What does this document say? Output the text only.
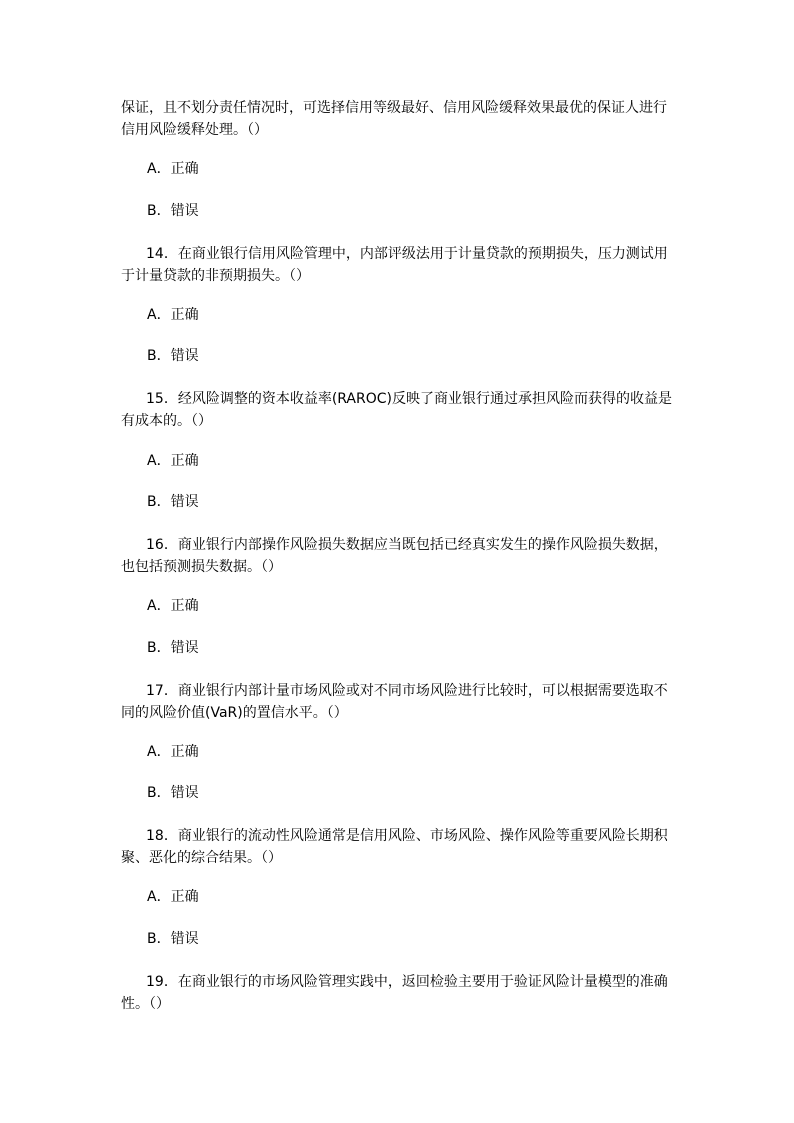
保证，且不划分责任情况时，可选择信用等级最好、信用风险缓释效果最优的保证人进行信用风险缓释处理。（）

A．正确

B．错误

14．在商业银行信用风险管理中，内部评级法用于计量贷款的预期损失，压力测试用于计量贷款的非预期损失。（）

A．正确

B．错误

15．经风险调整的资本收益率(RAROC)反映了商业银行通过承担风险而获得的收益是有成本的。（）

A．正确

B．错误

16．商业银行内部操作风险损失数据应当既包括已经真实发生的操作风险损失数据，也包括预测损失数据。（）

A．正确

B．错误

17．商业银行内部计量市场风险或对不同市场风险进行比较时，可以根据需要选取不同的风险价值(VaR)的置信水平。（）

A．正确

B．错误

18．商业银行的流动性风险通常是信用风险、市场风险、操作风险等重要风险长期积聚、恶化的综合结果。（）

A．正确

B．错误

19．在商业银行的市场风险管理实践中，返回检验主要用于验证风险计量模型的准确性。（）
